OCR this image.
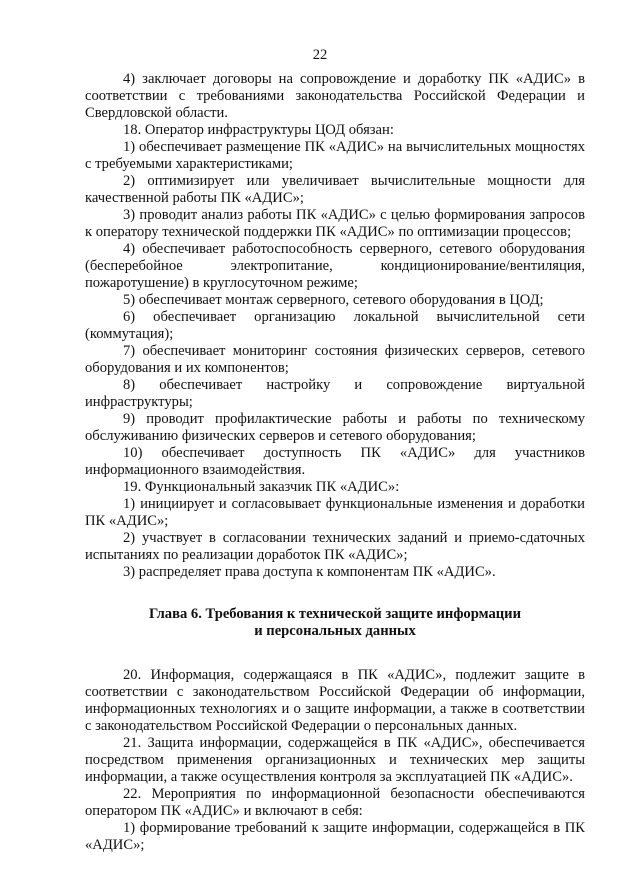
22

4) заключает договоры на сопровождение и доработку ПК «АДИС» в соответствии с требованиями законодательства Российской Федерации и Свердловской области.

18. Оператор инфраструктуры ЦОД обязан:

1) обеспечивает размещение ПК «АДИС» на вычислительных мощностях с требуемыми характеристиками;

2) оптимизирует или увеличивает вычислительные мощности для качественной работы ПК «АДИС»;

3) проводит анализ работы ПК «АДИС» с целью формирования запросов к оператору технической поддержки ПК «АДИС» по оптимизации процессов;

4) обеспечивает работоспособность серверного, сетевого оборудования (бесперебойное электропитание, кондиционирование/вентиляция, пожаротушение) в круглосуточном режиме;

5) обеспечивает монтаж серверного, сетевого оборудования в ЦОД;

6) обеспечивает организацию локальной вычислительной сети (коммутация);

7) обеспечивает мониторинг состояния физических серверов, сетевого оборудования и их компонентов;

8) обеспечивает настройку и сопровождение виртуальной инфраструктуры;

9) проводит профилактические работы и работы по техническому обслуживанию физических серверов и сетевого оборудования;

10) обеспечивает доступность ПК «АДИС» для участников информационного взаимодействия.

19. Функциональный заказчик ПК «АДИС»:

1) инициирует и согласовывает функциональные изменения и доработки ПК «АДИС»;

2) участвует в согласовании технических заданий и приемо-сдаточных испытаниях по реализации доработок ПК «АДИС»;

3) распределяет права доступа к компонентам ПК «АДИС».

Глава 6. Требования к технической защите информации
и персональных данных

20. Информация, содержащаяся в ПК «АДИС», подлежит защите в соответствии с законодательством Российской Федерации об информации, информационных технологиях и о защите информации, а также в соответствии с законодательством Российской Федерации о персональных данных.

21. Защита информации, содержащейся в ПК «АДИС», обеспечивается посредством применения организационных и технических мер защиты информации, а также осуществления контроля за эксплуатацией ПК «АДИС».

22. Мероприятия по информационной безопасности обеспечиваются оператором ПК «АДИС» и включают в себя:

1) формирование требований к защите информации, содержащейся в ПК «АДИС»;
